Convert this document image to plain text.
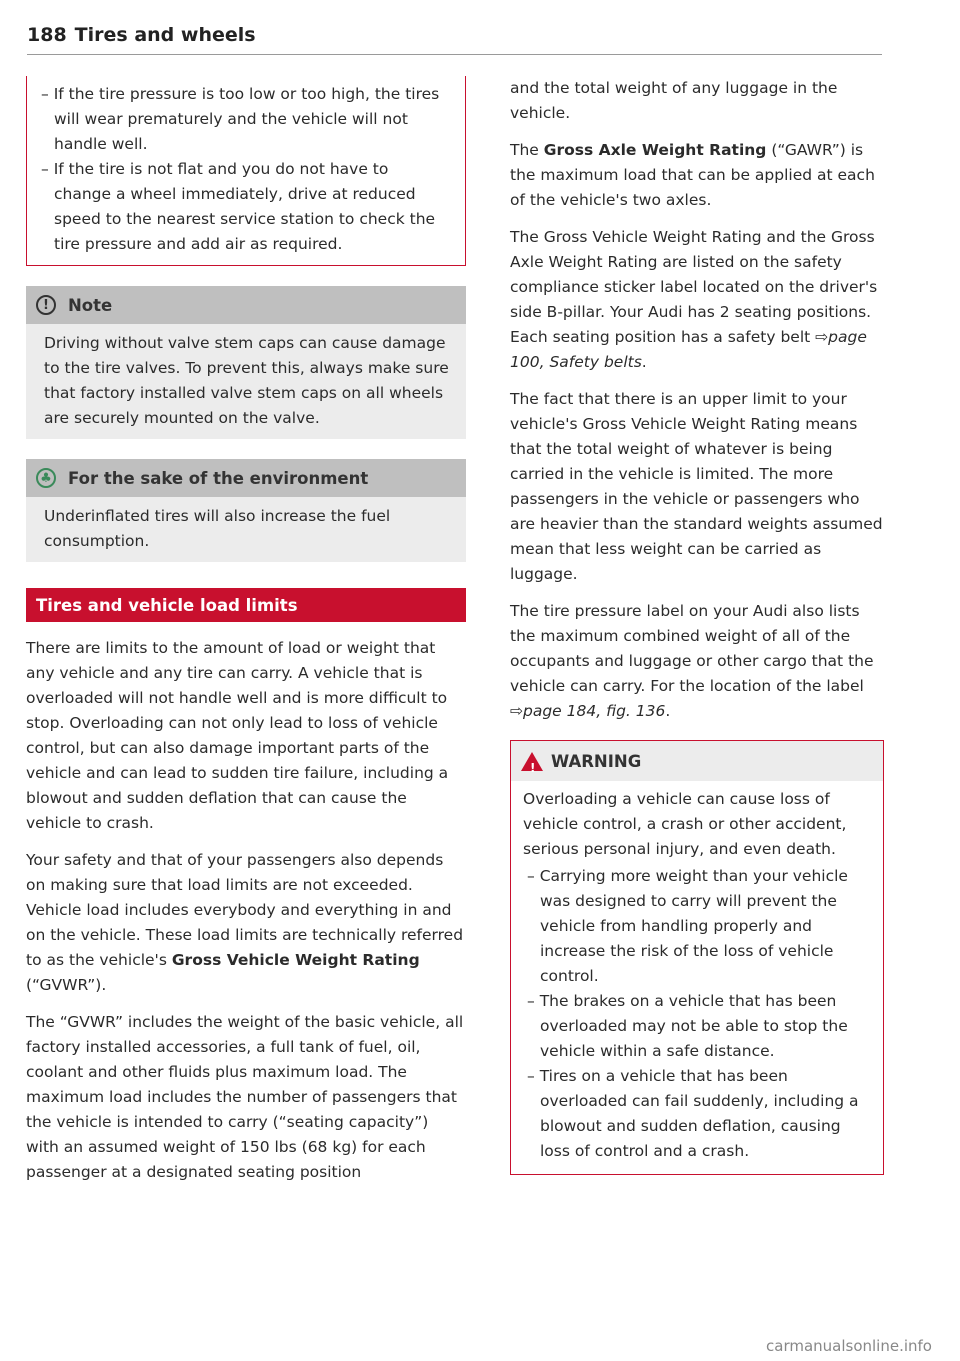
188 Tires and wheels

– If the tire pressure is too low or too high, the tires will wear prematurely and the vehicle will not handle well.

– If the tire is not flat and you do not have to change a wheel immediately, drive at reduced speed to the nearest service station to check the tire pressure and add air as required.

!	Note
Driving without valve stem caps can cause damage to the tire valves. To prevent this, always make sure that factory installed valve stem caps on all wheels are securely mounted on the valve.
♣ For the sake of the environment
Underinflated tires will also increase the fuel consumption.
Tires and vehicle load limits

There are limits to the amount of load or weight that any vehicle and any tire can carry. A vehicle that is overloaded will not handle well and is more difficult to stop. Overloading can not only lead to loss of vehicle control, but can also damage important parts of the vehicle and can lead to sudden tire failure, including a blowout and sudden deflation that can cause the vehicle to crash.

Your safety and that of your passengers also depends on making sure that load limits are not exceeded. Vehicle load includes everybody and everything in and on the vehicle. These load limits are technically referred to as the vehicle's Gross Vehicle Weight Rating (“GVWR”).

The “GVWR” includes the weight of the basic vehicle, all factory installed accessories, a full tank of fuel, oil, coolant and other fluids plus maximum load. The maximum load includes the number of passengers that the vehicle is intended to carry (“seating capacity”) with an assumed weight of 150 lbs (68 kg) for each passenger at a designated seating position

and the total weight of any luggage in the vehicle.

The Gross Axle Weight Rating (“GAWR”) is the maximum load that can be applied at each of the vehicle's two axles.

The Gross Vehicle Weight Rating and the Gross Axle Weight Rating are listed on the safety compliance sticker label located on the driver's side B-pillar. Your Audi has 2 seating positions. Each seating position has a safety belt ⇨page 100, Safety belts.

The fact that there is an upper limit to your vehicle's Gross Vehicle Weight Rating means that the total weight of whatever is being carried in the vehicle is limited. The more passengers in the vehicle or passengers who are heavier than the standard weights assumed mean that less weight can be carried as luggage.

The tire pressure label on your Audi also lists the maximum combined weight of all of the occupants and luggage or other cargo that the vehicle can carry. For the location of the label ⇨page 184, fig. 136.

!
WARNING

Overloading a vehicle can cause loss of vehicle control, a crash or other accident, serious personal injury, and even death.

– Carrying more weight than your vehicle was designed to carry will prevent the vehicle from handling properly and increase the risk of the loss of vehicle control.

– The brakes on a vehicle that has been overloaded may not be able to stop the vehicle within a safe distance.

– Tires on a vehicle that has been overloaded can fail suddenly, including a blowout and sudden deflation, causing loss of control and a crash.

carmanualsonline.info
